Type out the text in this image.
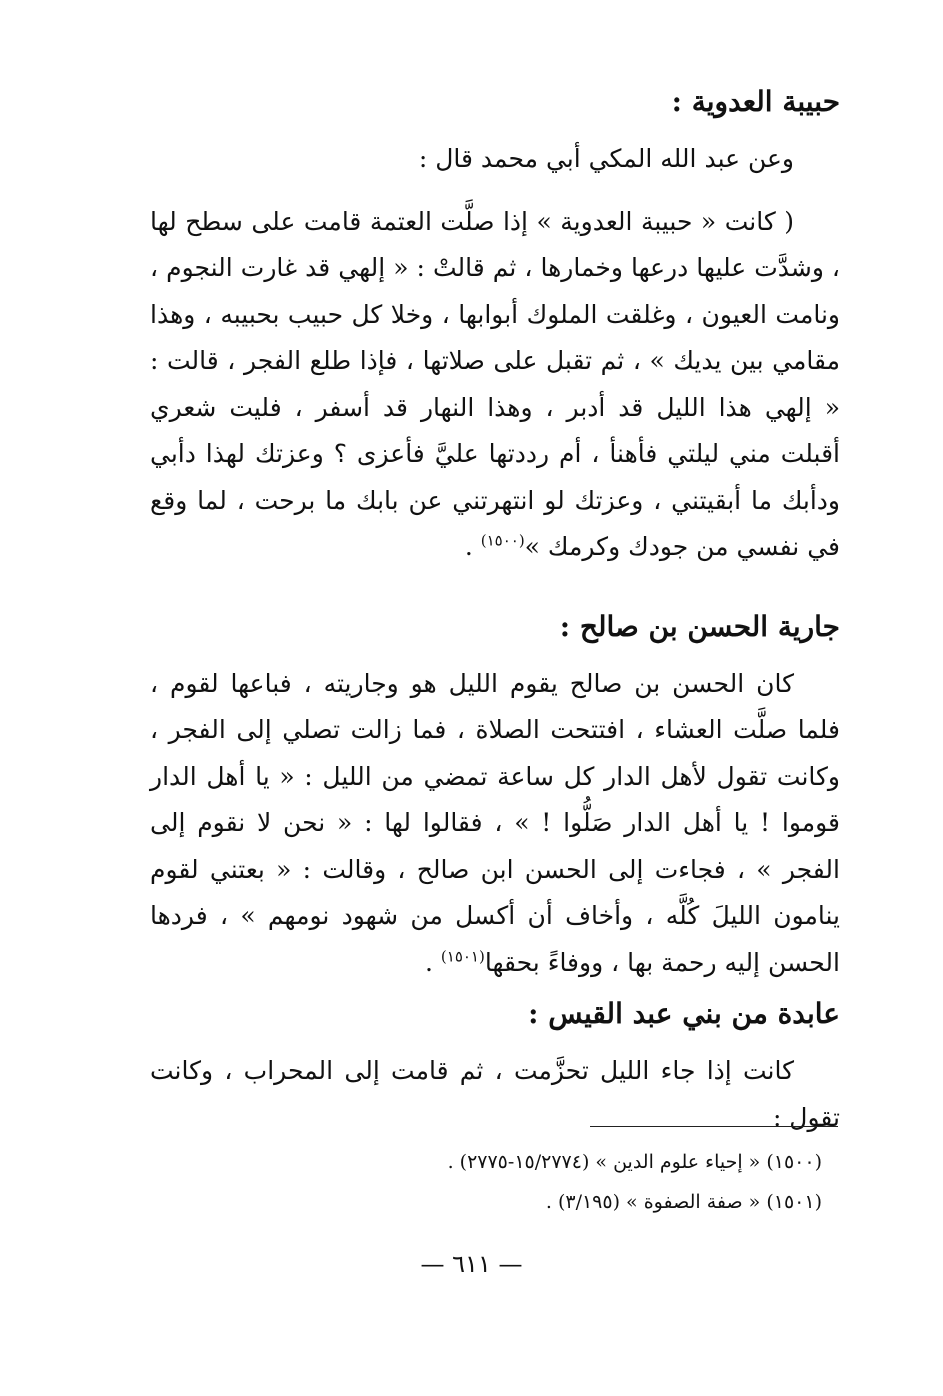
حبيبة العدوية :

وعن عبد الله المكي أبي محمد قال :

( كانت « حبيبة العدوية » إذا صلَّت العتمة قامت على سطح لها ، وشدَّت عليها درعها وخمارها ، ثم قالتْ : « إلهي قد غارت النجوم ، ونامت العيون ، وغلقت الملوك أبوابها ، وخلا كل حبيب بحبيبه ، وهذا مقامي بين يديك » ، ثم تقبل على صلاتها ، فإذا طلع الفجر ، قالت : « إلهي هذا الليل قد أدبر ، وهذا النهار قد أسفر ، فليت شعري أقبلت مني ليلتي فأهنأ ، أم رددتها عليَّ فأعزى ؟ وعزتك لهذا دأبي ودأبك ما أبقيتني ، وعزتك لو انتهرتني عن بابك ما برحت ، لما وقع في نفسي من جودك وكرمك »$^{(١٥٠٠)}$ .

جارية الحسن بن صالح :

كان الحسن بن صالح يقوم الليل هو وجاريته ، فباعها لقوم ، فلما صلَّت العشاء ، افتتحت الصلاة ، فما زالت تصلي إلى الفجر ، وكانت تقول لأهل الدار كل ساعة تمضي من الليل : « يا أهل الدار قوموا ! يا أهل الدار صَلُّوا ! » ، فقالوا لها : « نحن لا نقوم إلى الفجر » ، فجاءت إلى الحسن ابن صالح ، وقالت : « بعتني لقوم ينامون الليلَ كُلَّه ، وأخاف أن أكسل من شهود نومهم » ، فردها الحسن إليه رحمة بها ، ووفاءً بحقها$^{(١٥٠١)}$ .

عابدة من بني عبد القيس :

كانت إذا جاء الليل تحزَّمت ، ثم قامت إلى المحراب ، وكانت تقول :

(١٥٠٠) « إحياء علوم الدين » (١٥/٢٧٧٤-٢٧٧٥) .

(١٥٠١) « صفة الصفوة » (٣/١٩٥) .

— ٦١١ —
